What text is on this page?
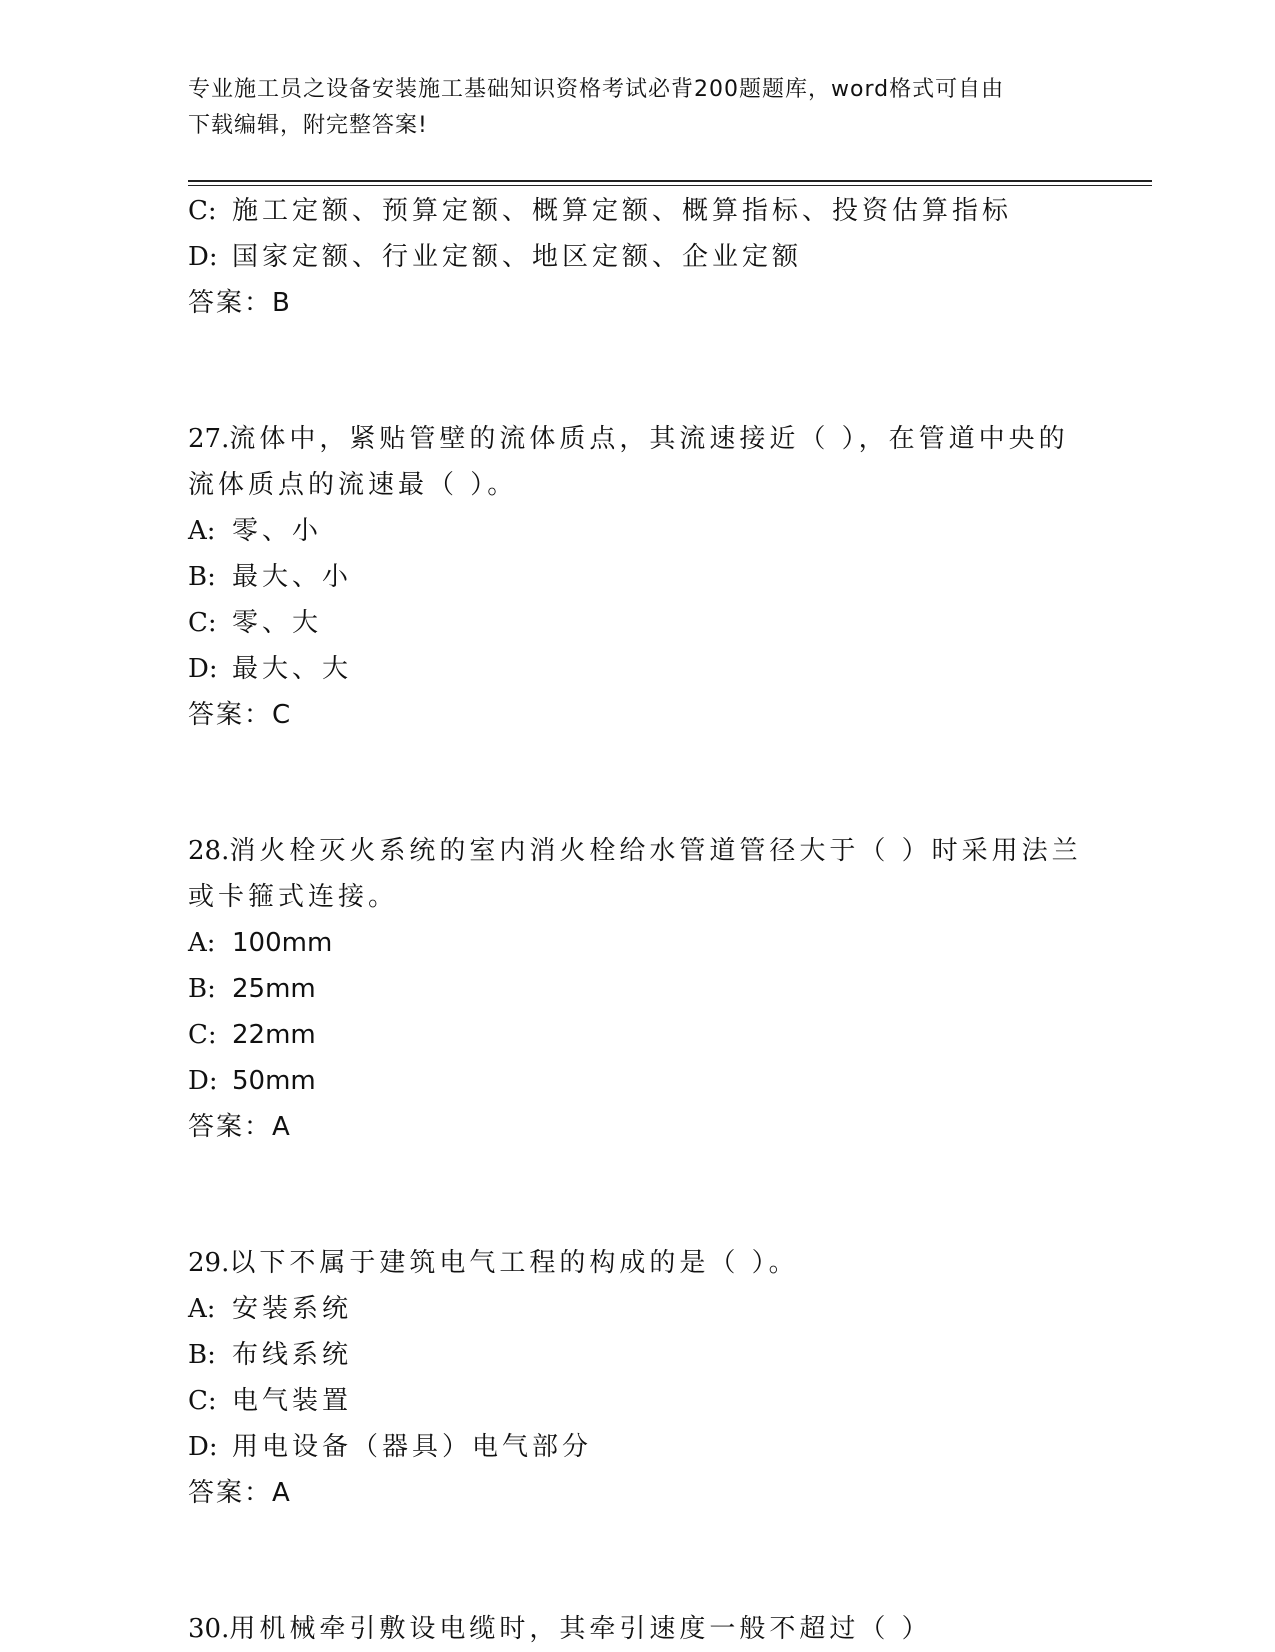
专业施工员之设备安装施工基础知识资格考试必背200题题库，word格式可自由
下载编辑，附完整答案!
C: 施工定额、预算定额、概算定额、概算指标、投资估算指标
D: 国家定额、行业定额、地区定额、企业定额
答案：B
27.流体中，紧贴管壁的流体质点，其流速接近（ ），在管道中央的
流体质点的流速最（ ）。
A: 零、小
B: 最大、小
C: 零、大
D: 最大、大
答案：C
28.消火栓灭火系统的室内消火栓给水管道管径大于（ ）时采用法兰
或卡箍式连接。
A: 100mm
B: 25mm
C: 22mm
D: 50mm
答案：A
29.以下不属于建筑电气工程的构成的是（ ）。
A: 安装系统
B: 布线系统
C: 电气装置
D: 用电设备（器具）电气部分
答案：A
30.用机械牵引敷设电缆时，其牵引速度一般不超过（ ）
